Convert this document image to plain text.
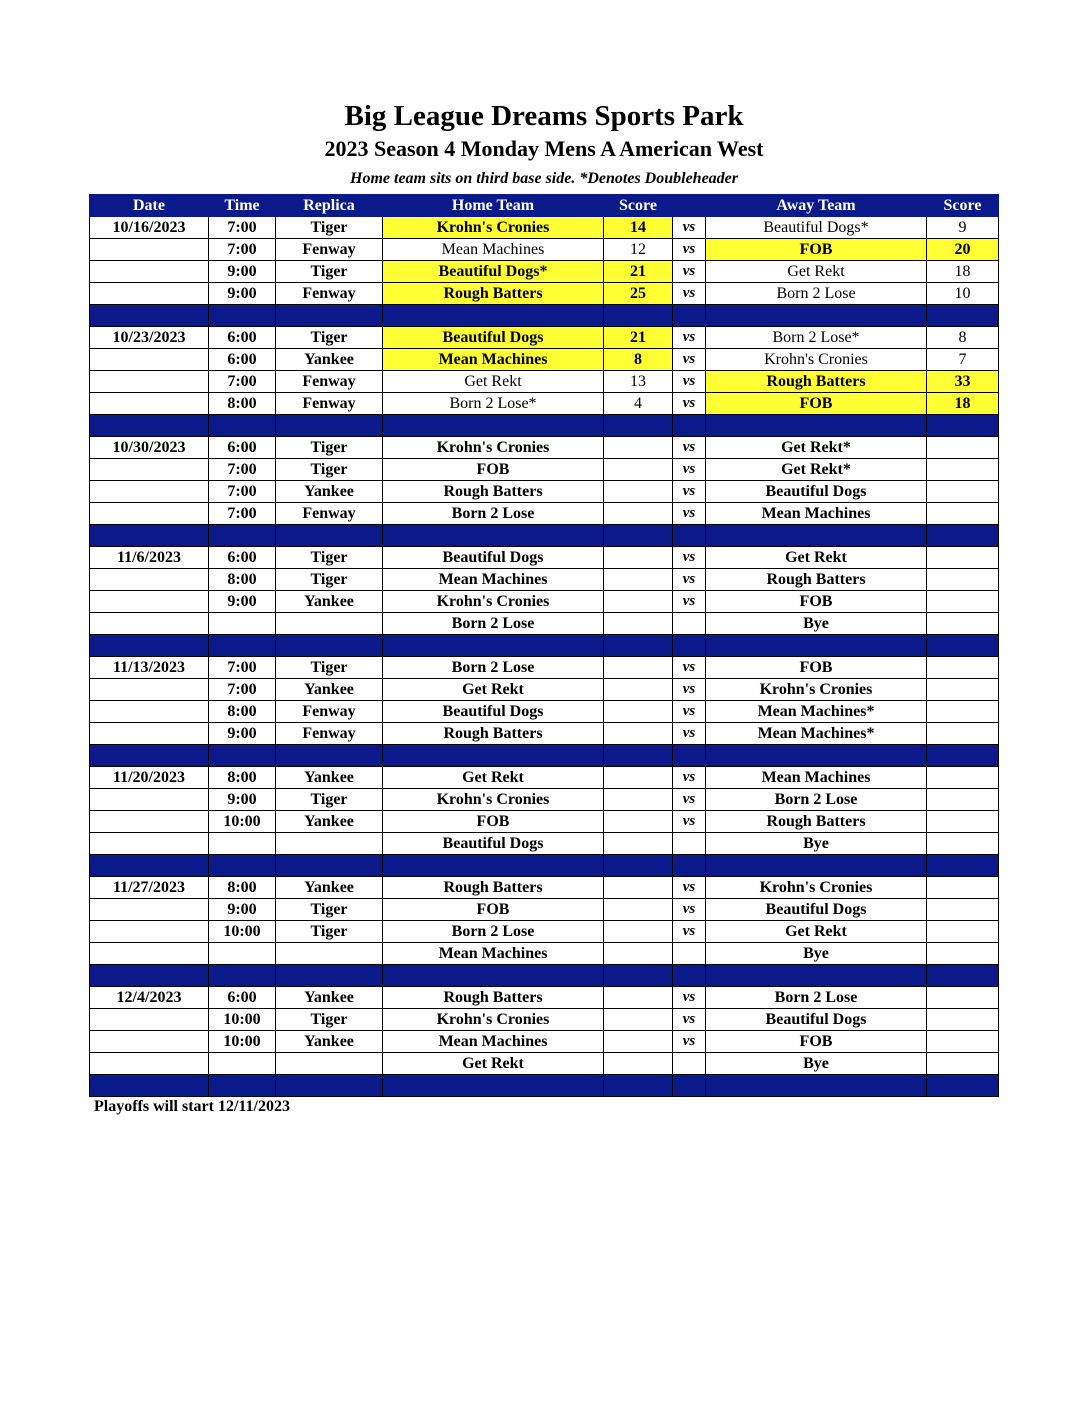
Big League Dreams Sports Park
2023 Season 4 Monday Mens A American West
Home team sits on third base side. *Denotes Doubleheader
Date	Time	Replica	Home Team	Score		Away Team	Score
10/16/2023	7:00	Tiger	Krohn's Cronies	14	vs	Beautiful Dogs*	9
	7:00	Fenway	Mean Machines	12	vs	FOB	20
	9:00	Tiger	Beautiful Dogs*	21	vs	Get Rekt	18
	9:00	Fenway	Rough Batters	25	vs	Born 2 Lose	10

10/23/2023	6:00	Tiger	Beautiful Dogs	21	vs	Born 2 Lose*	8
	6:00	Yankee	Mean Machines	8	vs	Krohn's Cronies	7
	7:00	Fenway	Get Rekt	13	vs	Rough Batters	33
	8:00	Fenway	Born 2 Lose*	4	vs	FOB	18

10/30/2023	6:00	Tiger	Krohn's Cronies		vs	Get Rekt*	
	7:00	Tiger	FOB		vs	Get Rekt*	
	7:00	Yankee	Rough Batters		vs	Beautiful Dogs	
	7:00	Fenway	Born 2 Lose		vs	Mean Machines	

11/6/2023	6:00	Tiger	Beautiful Dogs		vs	Get Rekt	
	8:00	Tiger	Mean Machines		vs	Rough Batters	
	9:00	Yankee	Krohn's Cronies		vs	FOB	
			Born 2 Lose			Bye	

11/13/2023	7:00	Tiger	Born 2 Lose		vs	FOB	
	7:00	Yankee	Get Rekt		vs	Krohn's Cronies	
	8:00	Fenway	Beautiful Dogs		vs	Mean Machines*	
	9:00	Fenway	Rough Batters		vs	Mean Machines*	

11/20/2023	8:00	Yankee	Get Rekt		vs	Mean Machines	
	9:00	Tiger	Krohn's Cronies		vs	Born 2 Lose	
	10:00	Yankee	FOB		vs	Rough Batters	
			Beautiful Dogs			Bye	

11/27/2023	8:00	Yankee	Rough Batters		vs	Krohn's Cronies	
	9:00	Tiger	FOB		vs	Beautiful Dogs	
	10:00	Tiger	Born 2 Lose		vs	Get Rekt	
			Mean Machines			Bye	

12/4/2023	6:00	Yankee	Rough Batters		vs	Born 2 Lose	
	10:00	Tiger	Krohn's Cronies		vs	Beautiful Dogs	
	10:00	Yankee	Mean Machines		vs	FOB	
			Get Rekt			Bye	

Playoffs will start 12/11/2023
